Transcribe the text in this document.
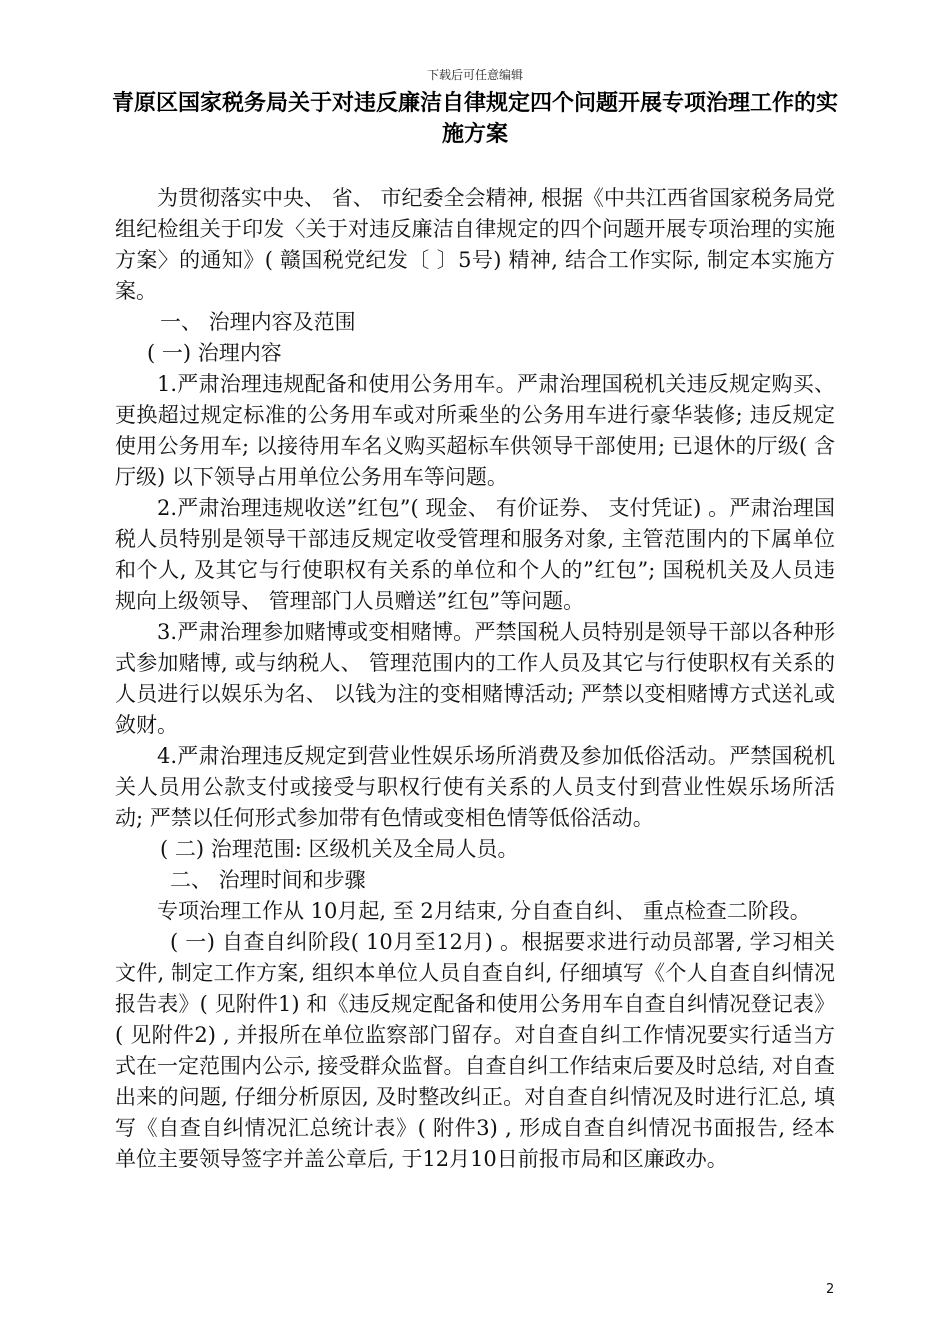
下载后可任意编辑
青原区国家税务局关于对违反廉洁自律规定四个问题开展专项治理工作的实施方案

为贯彻落实中央、 省、 市纪委全会精神, 根据《中共江西省国家税务局党组纪检组关于印发〈关于对违反廉洁自律规定的四个问题开展专项治理的实施方案〉的通知》( 赣国税党纪发〔 〕5号) 精神, 结合工作实际, 制定本实施方案。

一、 治理内容及范围

( 一) 治理内容

1.严肃治理违规配备和使用公务用车。严肃治理国税机关违反规定购买、 更换超过规定标准的公务用车或对所乘坐的公务用车进行豪华装修; 违反规定使用公务用车; 以接待用车名义购买超标车供领导干部使用; 已退休的厅级( 含厅级) 以下领导占用单位公务用车等问题。

2.严肃治理违规收送”红包”( 现金、 有价证券、 支付凭证) 。严肃治理国税人员特别是领导干部违反规定收受管理和服务对象, 主管范围内的下属单位和个人, 及其它与行使职权有关系的单位和个人的”红包”; 国税机关及人员违规向上级领导、 管理部门人员赠送”红包”等问题。

3.严肃治理参加赌博或变相赌博。严禁国税人员特别是领导干部以各种形式参加赌博, 或与纳税人、 管理范围内的工作人员及其它与行使职权有关系的人员进行以娱乐为名、 以钱为注的变相赌博活动; 严禁以变相赌博方式送礼或敛财。

4.严肃治理违反规定到营业性娱乐场所消费及参加低俗活动。严禁国税机关人员用公款支付或接受与职权行使有关系的人员支付到营业性娱乐场所活动; 严禁以任何形式参加带有色情或变相色情等低俗活动。

( 二) 治理范围: 区级机关及全局人员。

二、 治理时间和步骤

专项治理工作从 10月起, 至 2月结束, 分自查自纠、 重点检查二阶段。

( 一) 自查自纠阶段( 10月至12月) 。根据要求进行动员部署, 学习相关文件, 制定工作方案, 组织本单位人员自查自纠, 仔细填写《个人自查自纠情况报告表》( 见附件1) 和《违反规定配备和使用公务用车自查自纠情况登记表》( 见附件2) , 并报所在单位监察部门留存。对自查自纠工作情况要实行适当方式在一定范围内公示, 接受群众监督。自查自纠工作结束后要及时总结, 对自查出来的问题, 仔细分析原因, 及时整改纠正。对自查自纠情况及时进行汇总, 填写《自查自纠情况汇总统计表》( 附件3) , 形成自查自纠情况书面报告, 经本单位主要领导签字并盖公章后, 于12月10日前报市局和区廉政办。

2
